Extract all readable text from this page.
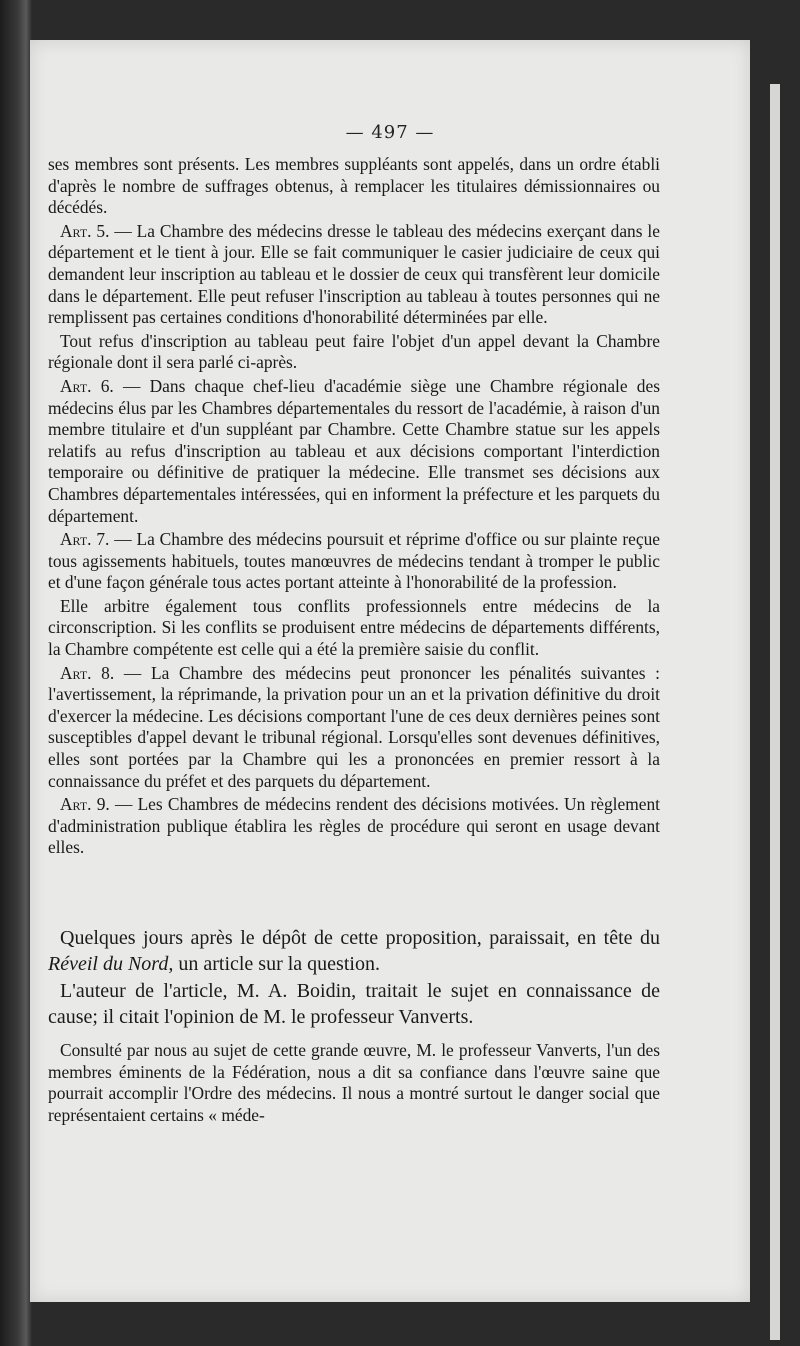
— 497 —

ses membres sont présents. Les membres suppléants sont appelés, dans un ordre établi d'après le nombre de suffrages obtenus, à remplacer les titulaires démissionnaires ou décédés.

Art. 5. — La Chambre des médecins dresse le tableau des médecins exerçant dans le département et le tient à jour. Elle se fait communiquer le casier judiciaire de ceux qui demandent leur inscription au tableau et le dossier de ceux qui transfèrent leur domicile dans le département. Elle peut refuser l'inscription au tableau à toutes personnes qui ne remplissent pas certaines conditions d'honorabilité déterminées par elle.

Tout refus d'inscription au tableau peut faire l'objet d'un appel devant la Chambre régionale dont il sera parlé ci-après.

Art. 6. — Dans chaque chef-lieu d'académie siège une Chambre régionale des médecins élus par les Chambres départementales du ressort de l'académie, à raison d'un membre titulaire et d'un suppléant par Chambre. Cette Chambre statue sur les appels relatifs au refus d'inscription au tableau et aux décisions comportant l'interdiction temporaire ou définitive de pratiquer la médecine. Elle transmet ses décisions aux Chambres départementales intéressées, qui en informent la préfecture et les parquets du département.

Art. 7. — La Chambre des médecins poursuit et réprime d'office ou sur plainte reçue tous agissements habituels, toutes manœuvres de médecins tendant à tromper le public et d'une façon générale tous actes portant atteinte à l'honorabilité de la profession.

Elle arbitre également tous conflits professionnels entre médecins de la circonscription. Si les conflits se produisent entre médecins de départements différents, la Chambre compétente est celle qui a été la première saisie du conflit.

Art. 8. — La Chambre des médecins peut prononcer les pénalités suivantes : l'avertissement, la réprimande, la privation pour un an et la privation définitive du droit d'exercer la médecine. Les décisions comportant l'une de ces deux dernières peines sont susceptibles d'appel devant le tribunal régional. Lorsqu'elles sont devenues définitives, elles sont portées par la Chambre qui les a prononcées en premier ressort à la connaissance du préfet et des parquets du département.

Art. 9. — Les Chambres de médecins rendent des décisions motivées. Un règlement d'administration publique établira les règles de procédure qui seront en usage devant elles.

Quelques jours après le dépôt de cette proposition, paraissait, en tête du Réveil du Nord, un article sur la question.

L'auteur de l'article, M. A. Boidin, traitait le sujet en connaissance de cause; il citait l'opinion de M. le professeur Vanverts.

Consulté par nous au sujet de cette grande œuvre, M. le professeur Vanverts, l'un des membres éminents de la Fédération, nous a dit sa confiance dans l'œuvre saine que pourrait accomplir l'Ordre des médecins. Il nous a montré surtout le danger social que représentaient certains « méde-
